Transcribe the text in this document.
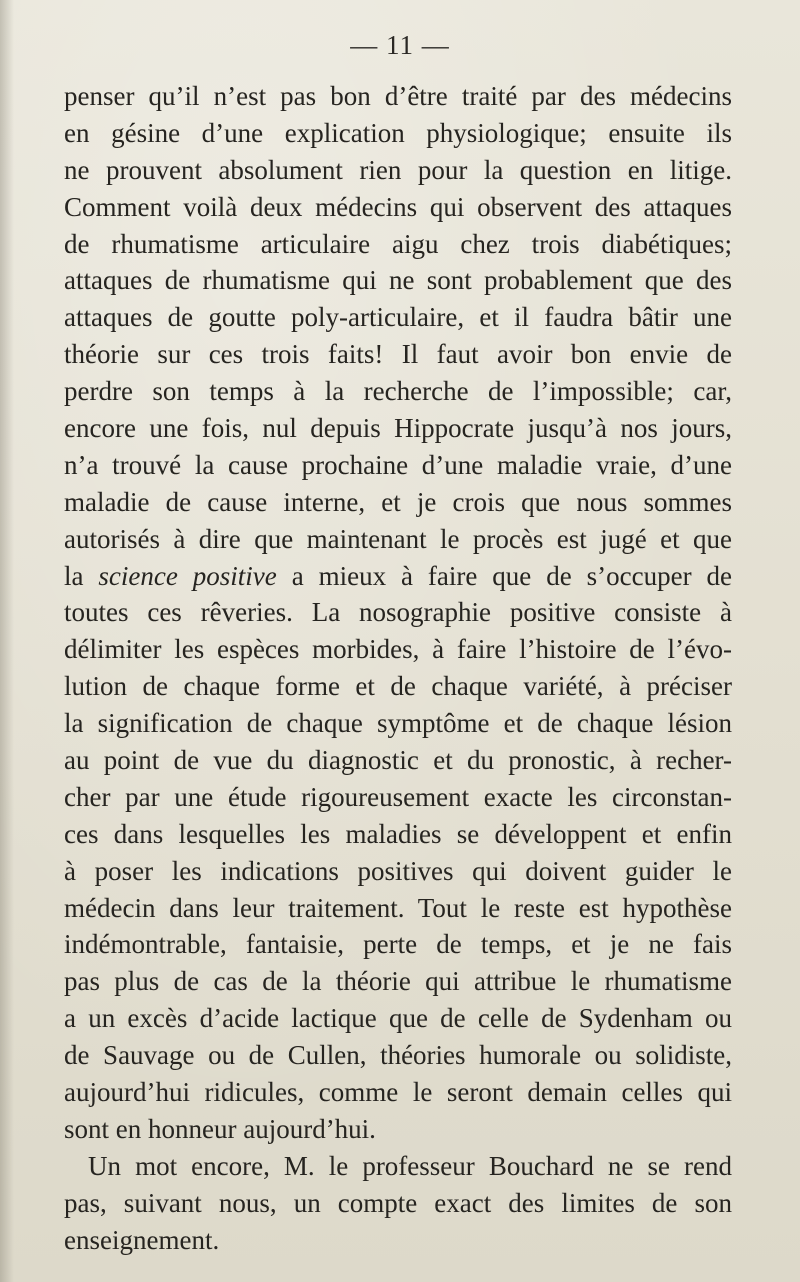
— 11 —
penser qu’il n’est pas bon d’être traité par des médecins
en gésine d’une explication physiologique; ensuite ils
ne prouvent absolument rien pour la question en litige.
Comment voilà deux médecins qui observent des attaques
de rhumatisme articulaire aigu chez trois diabétiques;
attaques de rhumatisme qui ne sont probablement que des
attaques de goutte poly-articulaire, et il faudra bâtir une
théorie sur ces trois faits! Il faut avoir bon envie de
perdre son temps à la recherche de l’impossible; car,
encore une fois, nul depuis Hippocrate jusqu’à nos jours,
n’a trouvé la cause prochaine d’une maladie vraie, d’une
maladie de cause interne, et je crois que nous sommes
autorisés à dire que maintenant le procès est jugé et que
la science positive a mieux à faire que de s’occuper de
toutes ces rêveries. La nosographie positive consiste à
délimiter les espèces morbides, à faire l’histoire de l’évo-
lution de chaque forme et de chaque variété, à préciser
la signification de chaque symptôme et de chaque lésion
au point de vue du diagnostic et du pronostic, à recher-
cher par une étude rigoureusement exacte les circonstan-
ces dans lesquelles les maladies se développent et enfin
à poser les indications positives qui doivent guider le
médecin dans leur traitement. Tout le reste est hypothèse
indémontrable, fantaisie, perte de temps, et je ne fais
pas plus de cas de la théorie qui attribue le rhumatisme
a un excès d’acide lactique que de celle de Sydenham ou
de Sauvage ou de Cullen, théories humorale ou solidiste,
aujourd’hui ridicules, comme le seront demain celles qui
sont en honneur aujourd’hui.
Un mot encore, M. le professeur Bouchard ne se rend
pas, suivant nous, un compte exact des limites de son
enseignement.
